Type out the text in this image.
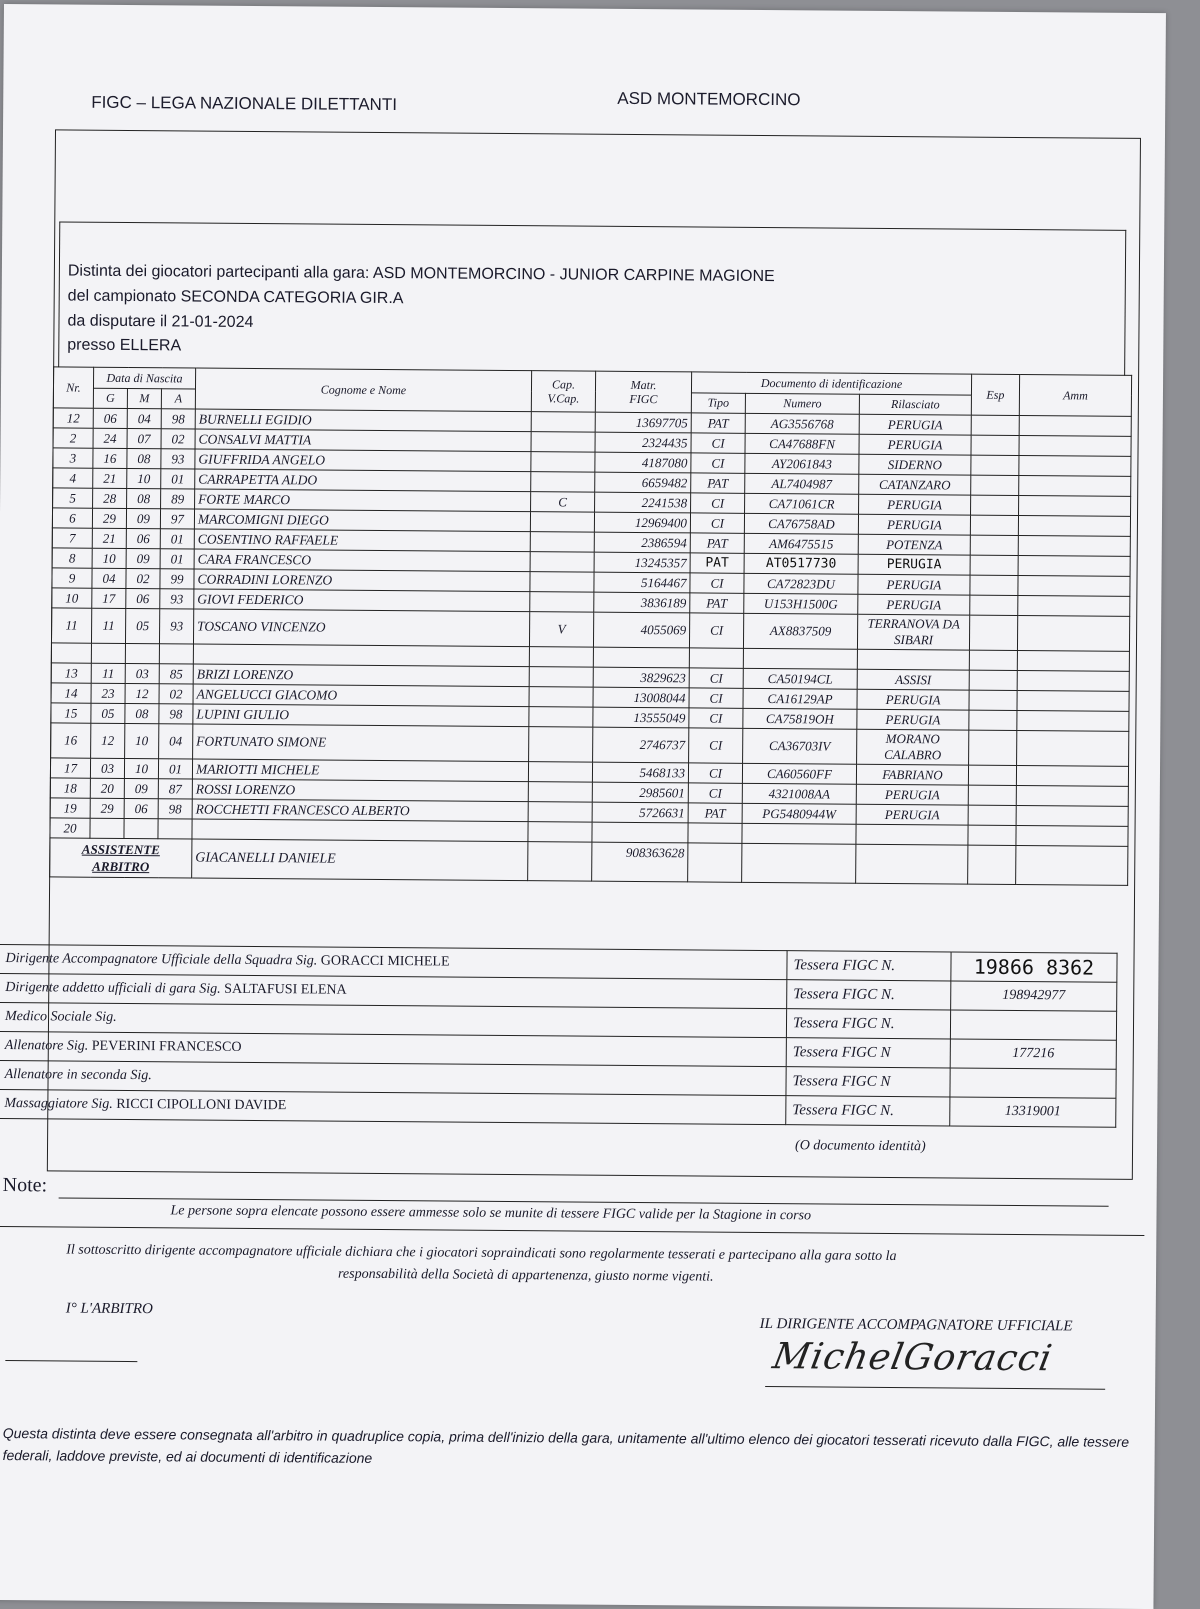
FIGC – LEGA NAZIONALE DILETTANTI	ASD MONTEMORCINO
Distinta dei giocatori partecipanti alla gara: ASD MONTEMORCINO - JUNIOR CARPINE MAGIONE
del campionato SECONDA CATEGORIA GIR.A
da disputare il 21-01-2024
presso ELLERA
Nr.	Data di Nascita			Cognome e Nome	Cap.
V.Cap.	Matr.
FIGC	Documento di identificazione			Esp	Amm
	G	M	A				Tipo	Numero	Rilasciato		
12	06	04	98	BURNELLI EGIDIO		13697705	PAT	AG3556768	PERUGIA		
2	24	07	02	CONSALVI MATTIA		2324435	CI	CA47688FN	PERUGIA		
3	16	08	93	GIUFFRIDA ANGELO		4187080	CI	AY2061843	SIDERNO		
4	21	10	01	CARRAPETTA ALDO		6659482	PAT	AL7404987	CATANZARO		
5	28	08	89	FORTE MARCO	C	2241538	CI	CA71061CR	PERUGIA		
6	29	09	97	MARCOMIGNI DIEGO		12969400	CI	CA76758AD	PERUGIA		
7	21	06	01	COSENTINO RAFFAELE		2386594	PAT	AM6475515	POTENZA		
8	10	09	01	CARA FRANCESCO		13245357	PAT	AT0517730	PERUGIA		
9	04	02	99	CORRADINI LORENZO		5164467	CI	CA72823DU	PERUGIA		
10	17	06	93	GIOVI FEDERICO		3836189	PAT	U153H1500G	PERUGIA		
11	11	05	93	TOSCANO VINCENZO	V	4055069	CI	AX8837509	TERRANOVA DA SIBARI		

13	11	03	85	BRIZI LORENZO		3829623	CI	CA50194CL	ASSISI		
14	23	12	02	ANGELUCCI GIACOMO		13008044	CI	CA16129AP	PERUGIA		
15	05	08	98	LUPINI GIULIO		13555049	CI	CA75819OH	PERUGIA		
16	12	10	04	FORTUNATO SIMONE		2746737	CI	CA36703IV	MORANO CALABRO		
17	03	10	01	MARIOTTI MICHELE		5468133	CI	CA60560FF	FABRIANO		
18	20	09	87	ROSSI LORENZO		2985601	CI	4321008AA	PERUGIA		
19	29	06	98	ROCCHETTI FRANCESCO ALBERTO		5726631	PAT	PG5480944W	PERUGIA		
20											
ASSISTENTE
ARBITRO				GIACANELLI DANIELE		908363628					
Dirigente Accompagnatore Ufficiale della Squadra Sig. GORACCI MICHELE	Tessera FIGC N.	19866 8362
Dirigente addetto ufficiali di gara Sig. SALTAFUSI ELENA	Tessera FIGC N.	198942977
Medico Sociale Sig.	Tessera FIGC N.	
Allenatore Sig. PEVERINI FRANCESCO	Tessera FIGC N	177216
Allenatore in seconda Sig.	Tessera FIGC N	
Massaggiatore Sig. RICCI CIPOLLONI DAVIDE	Tessera FIGC N.	13319001
(O documento identità)
Note:
Le persone sopra elencate possono essere ammesse solo se munite di tessere FIGC valide per la Stagione in corso
Il sottoscritto dirigente accompagnatore ufficiale dichiara che i giocatori sopraindicati sono regolarmente tesserati e partecipano alla gara sotto la
responsabilità della Società di appartenenza, giusto norme vigenti.
I° L'ARBITRO
IL DIRIGENTE ACCOMPAGNATORE UFFICIALE
MichelGoracci
Questa distinta deve essere consegnata all'arbitro in quadruplice copia, prima dell'inizio della gara, unitamente all'ultimo elenco dei giocatori tesserati ricevuto dalla FIGC, alle tessere federali, laddove previste, ed ai documenti di identificazione
